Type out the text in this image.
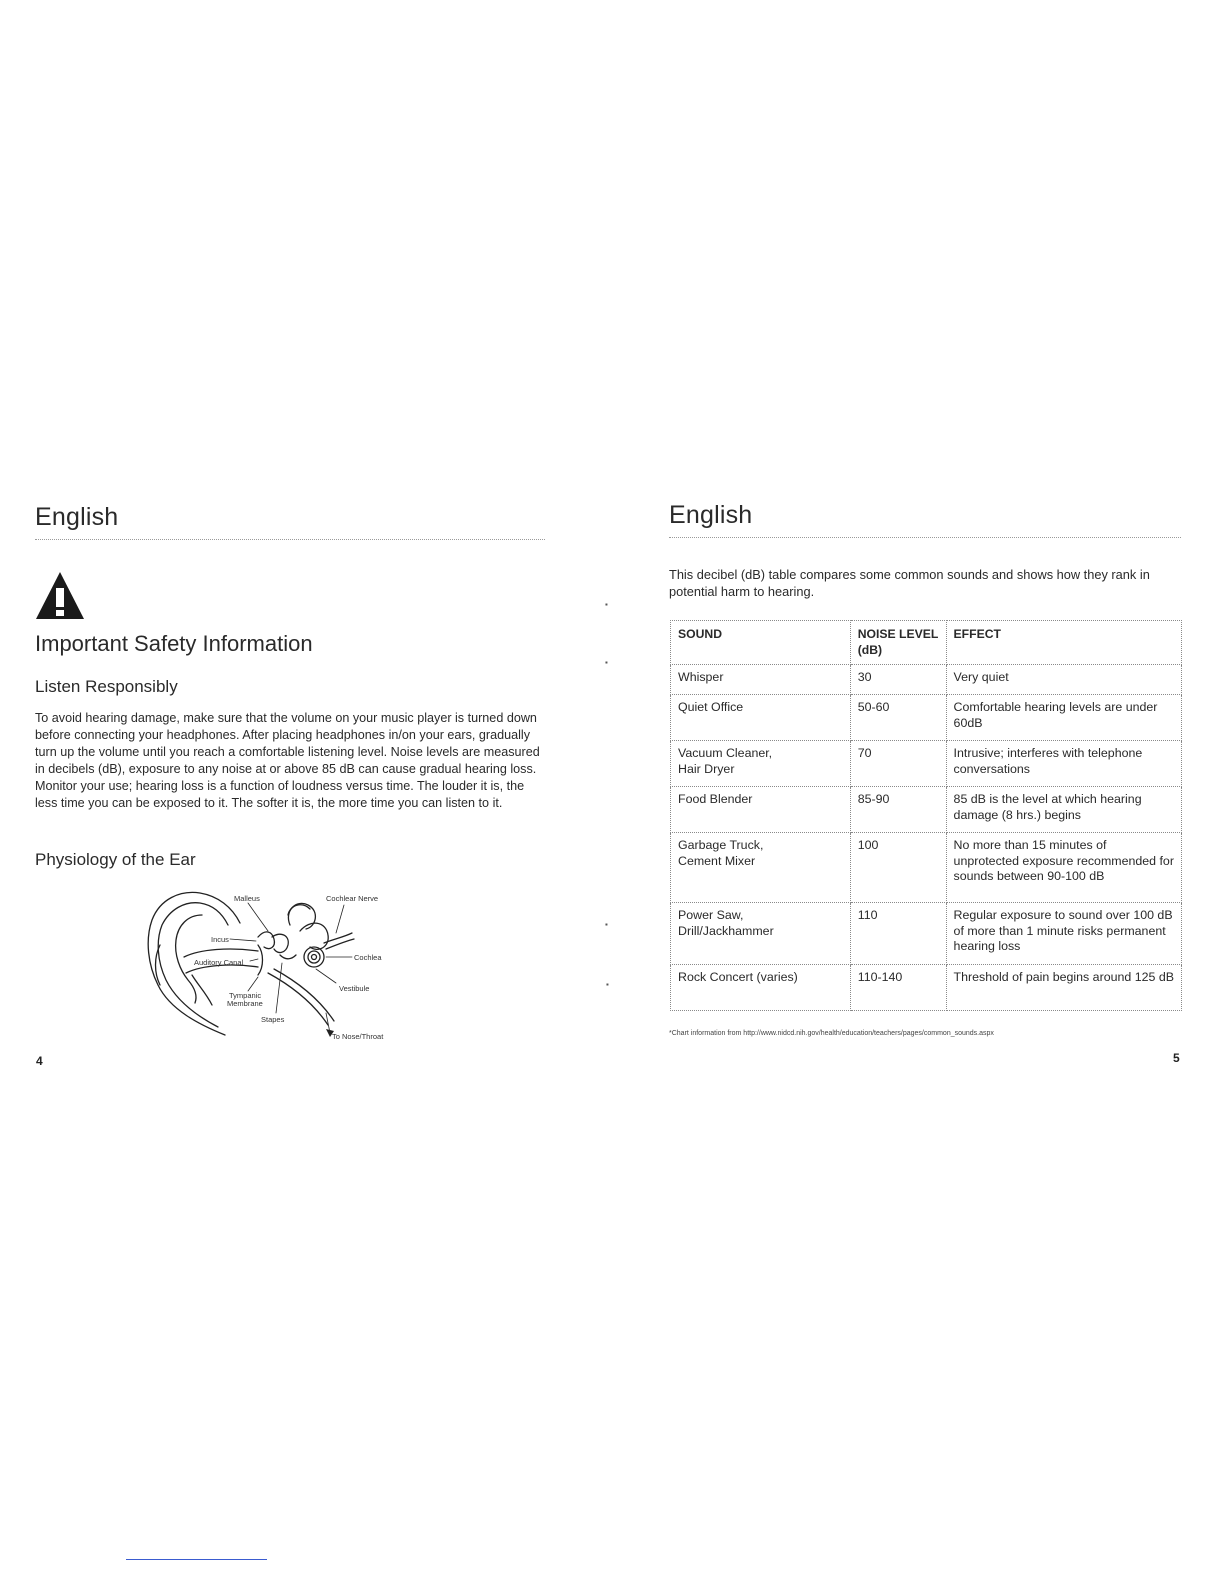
English
Important Safety Information
Listen Responsibly

To avoid hearing damage, make sure that the volume on your music player is turned down before connecting your headphones. After placing headphones in/on your ears, gradually turn up the volume until you reach a comfortable listening level. Noise levels are measured in decibels (dB), exposure to any noise at or above 85 dB can cause gradual hearing loss. Monitor your use; hearing loss is a function of loudness versus time. The louder it is, the less time you can be exposed to it. The softer it is, the more time you can listen to it.

Physiology of the Ear
Malleus	Cochlear Nerve
Incus
Auditory Canal
Cochlea
Tympanic
Membrane
Vestibule
Stapes
To Nose/Throat
4
▪
▪
▪
▪
English

This decibel (dB) table compares some common sounds and shows how they rank in potential harm to hearing.

SOUND	NOISE LEVEL (dB)	EFFECT
Whisper	30	Very quiet
Quiet Office	50-60	Comfortable hearing levels are under 60dB
Vacuum Cleaner,
Hair Dryer	70	Intrusive; interferes with telephone conversations
Food Blender	85-90	85 dB is the level at which hearing damage (8 hrs.) begins
Garbage Truck,
Cement Mixer	100	No more than 15 minutes of unprotected exposure recommended for sounds between 90-100 dB
Power Saw,
Drill/Jackhammer	110	Regular exposure to sound over 100 dB of more than 1 minute risks permanent hearing loss
Rock Concert (varies)	110-140	Threshold of pain begins around 125 dB
*Chart information from http://www.nidcd.nih.gov/health/education/teachers/pages/common_sounds.aspx
5
